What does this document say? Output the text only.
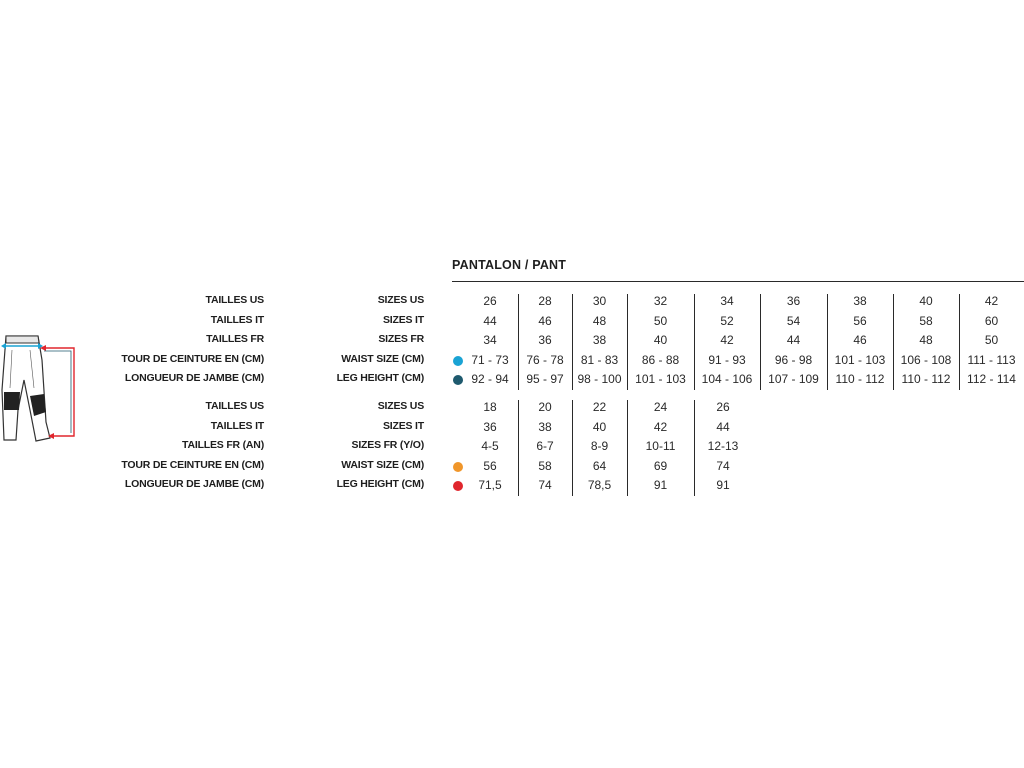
PANTALON / PANT
TAILLES US	SIZES US	26	28	30	32	34	36	38	40	42
TAILLES IT	SIZES IT	44	46	48	50	52	54	56	58	60
TAILLES FR	SIZES FR	34	36	38	40	42	44	46	48	50
TOUR DE CEINTURE EN (CM)	WAIST SIZE (CM)	71 - 73	76 - 78	81 - 83	86 - 88	91 - 93	96 - 98	101 - 103	106 - 108	111 - 113
LONGUEUR DE JAMBE (CM)	LEG HEIGHT (CM)	92 - 94	95 - 97	98 - 100	101 - 103	104 - 106	107 - 109	110 - 112	110 - 112	112 - 114
TAILLES US	SIZES US	18	20	22	24	26
TAILLES IT	SIZES IT	36	38	40	42	44
TAILLES FR (AN)	SIZES FR (Y/O)	4-5	6-7	8-9	10-11	12-13
TOUR DE CEINTURE EN (CM)	WAIST SIZE (CM)	56	58	64	69	74
LONGUEUR DE JAMBE (CM)	LEG HEIGHT (CM)	71,5	74	78,5	91	91
